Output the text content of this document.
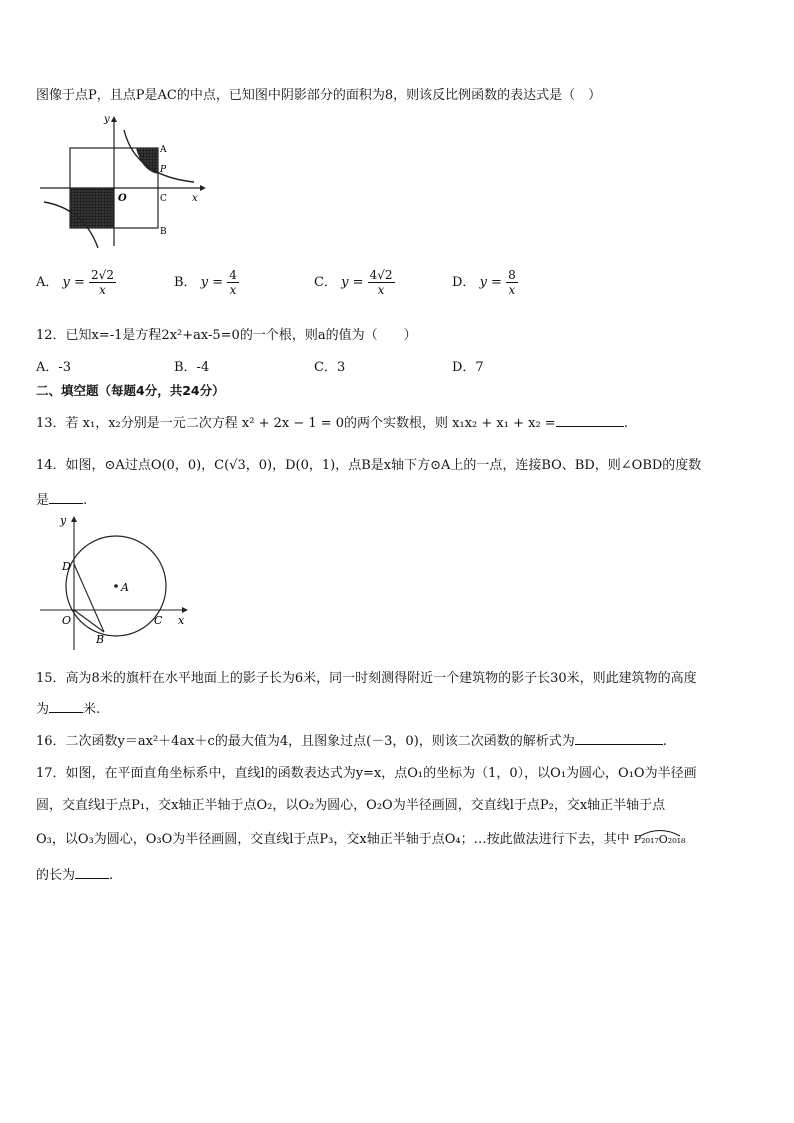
图像于点P，且点P是AC的中点，已知图中阴影部分的面积为8，则该反比例函数的表达式是（　）
y
A
P
O	C
B
x
A． $y = \frac{2√2}{x}$	B． $y = \frac{4}{x}$	C． $y = \frac{4√2}{x}$	D． $y = \frac{8}{x}$
12．已知x=-1是方程2x²+ax-5=0的一个根，则a的值为（　　）
A．-3	B．-4	C．3	D．7
二、填空题（每题4分，共24分）
13．若 x₁，x₂分别是一元二次方程 x² + 2x − 1 = 0的两个实数根，则 x₁x₂ + x₁ + x₂ =	.
14．如图，⊙A过点O(0，0)，C(√3，0)，D(0，1)，点B是x轴下方⊙A上的一点，连接BO、BD，则∠OBD的度数
是	.
y
D
A
O
B
C x
15．高为8米的旗杆在水平地面上的影子长为6米，同一时刻测得附近一个建筑物的影子长30米，则此建筑物的高度
为	米.
16．二次函数y＝ax²＋4ax＋c的最大值为4，且图象过点(－3，0)，则该二次函数的解析式为	.
17．如图，在平面直角坐标系中，直线l的函数表达式为y=x，点O₁的坐标为（1，0），以O₁为圆心，O₁O为半径画
圆，交直线l于点P₁，交x轴正半轴于点O₂，以O₂为圆心，O₂O为半径画圆，交直线l于点P₂，交x轴正半轴于点
O₃，以O₃为圆心，O₃O为半径画圆，交直线l于点P₃，交x轴正半轴于点O₄；…按此做法进行下去，其中 P₂₀₁₇O₂₀₁₈
的长为	.
